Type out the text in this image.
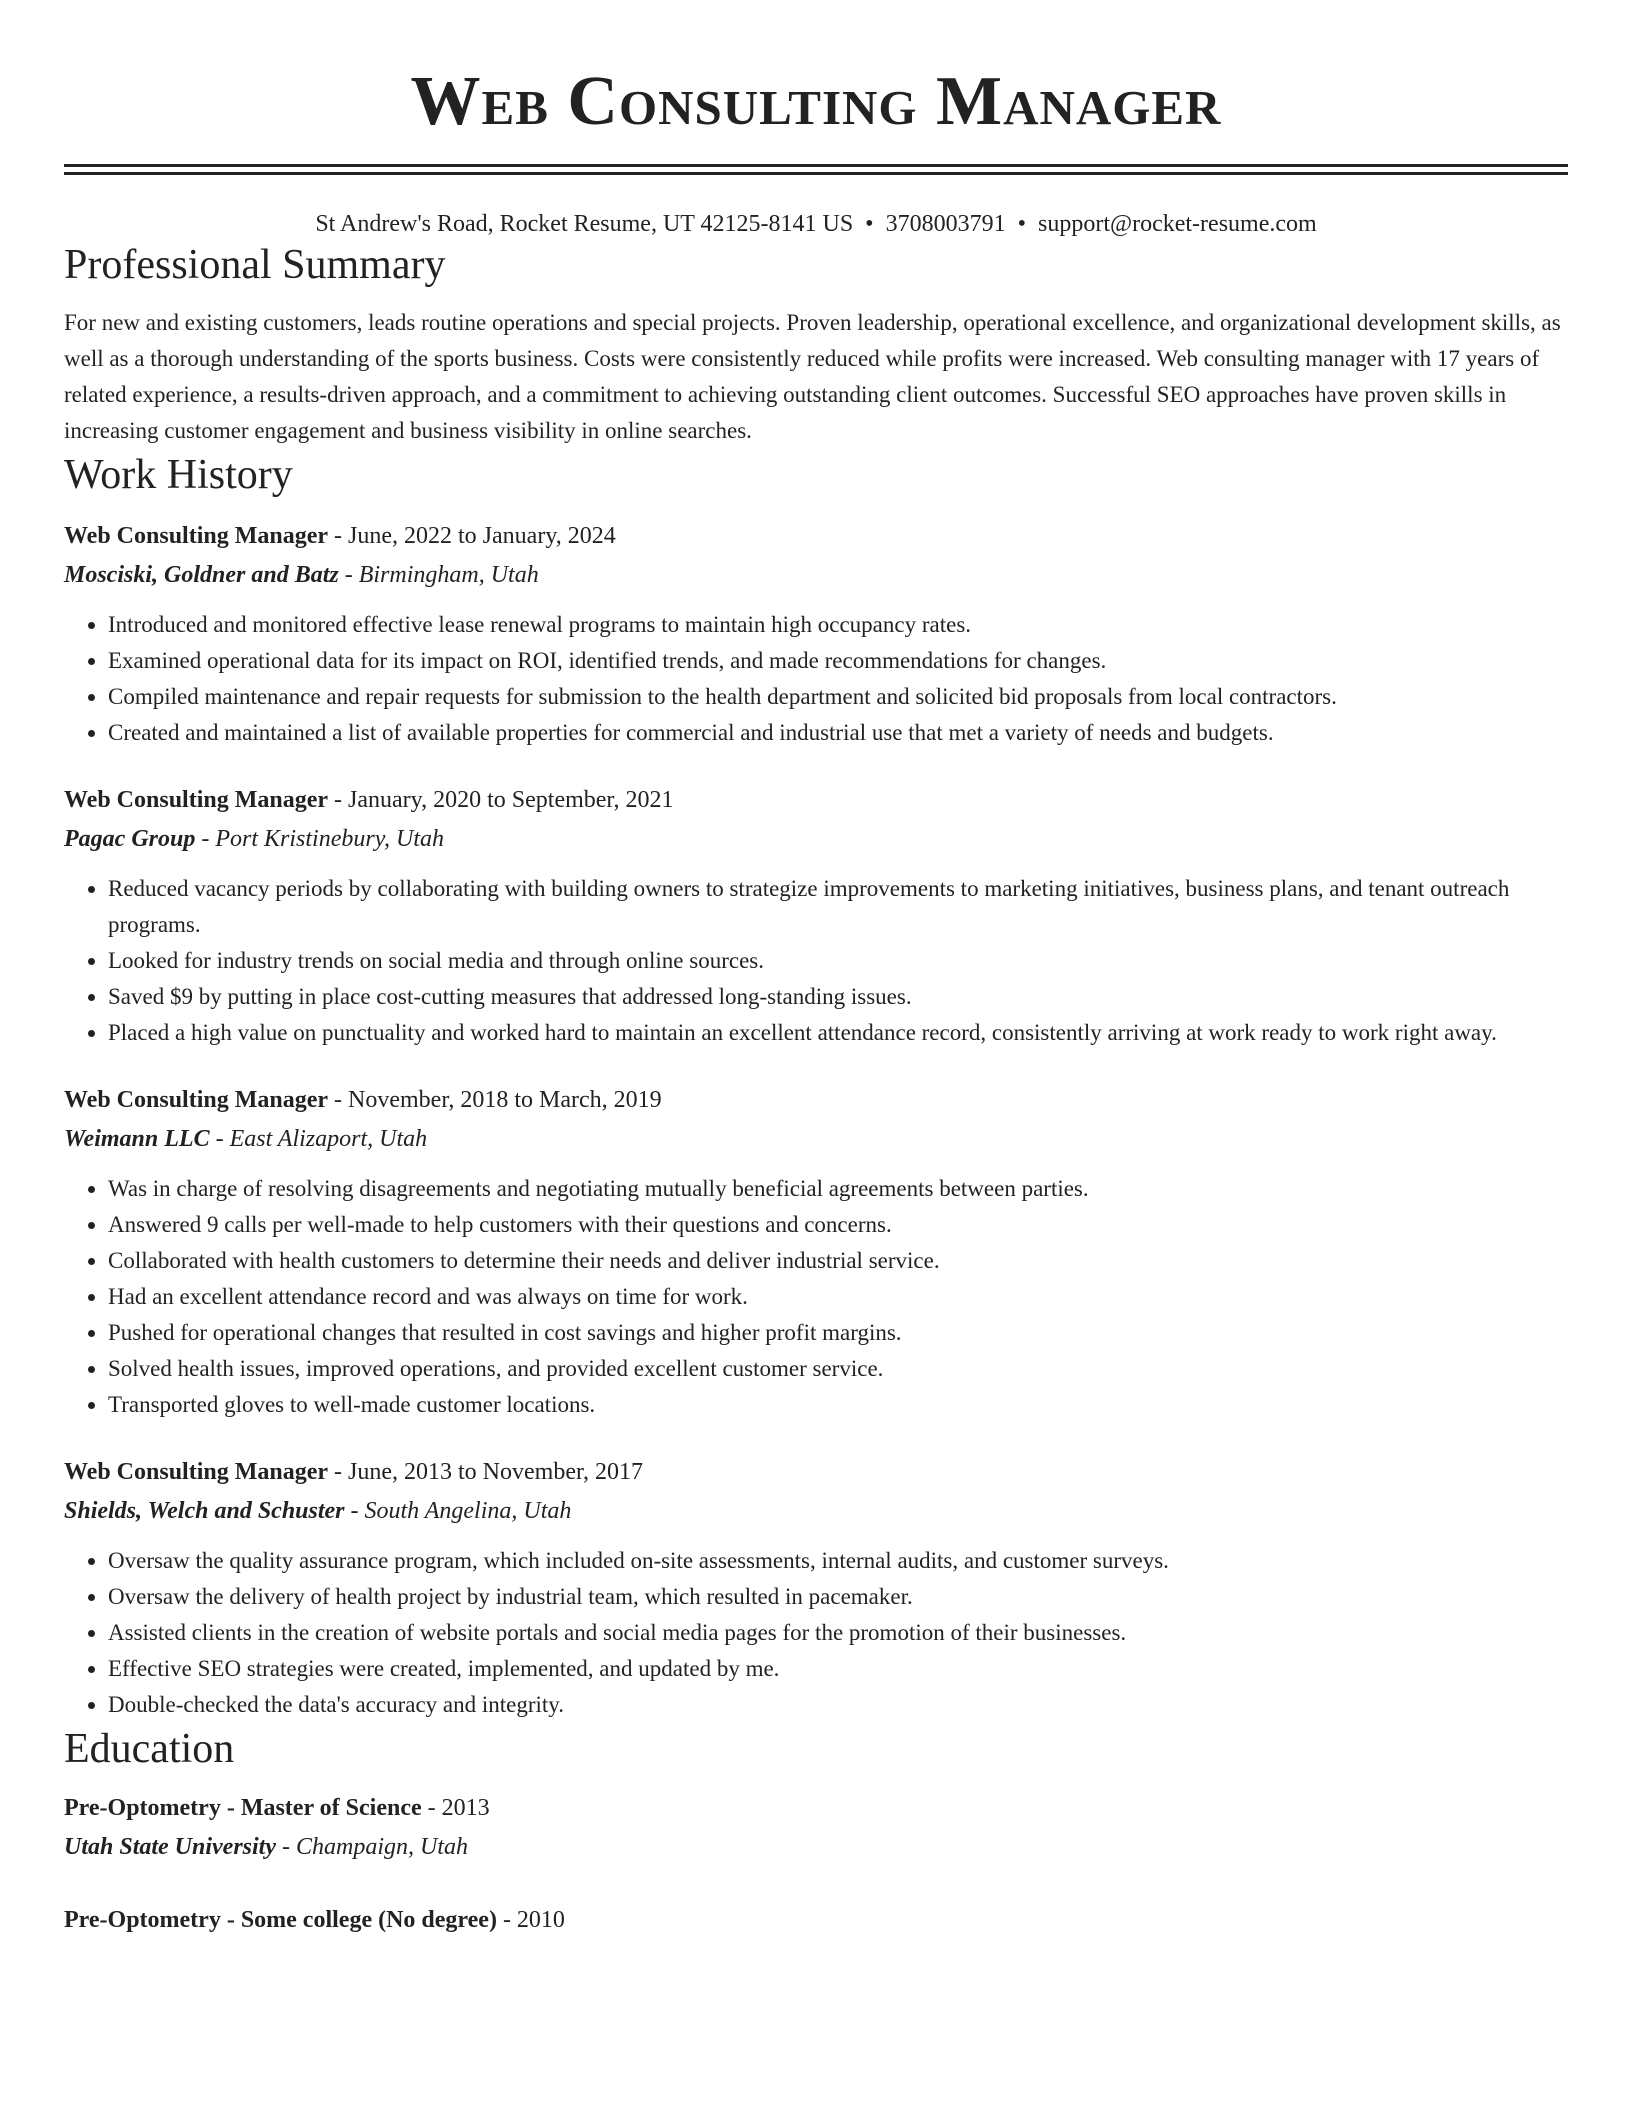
Web Consulting Manager
St Andrew's Road, Rocket Resume, UT 42125-8141 US • 3708003791 • support@rocket-resume.com
Professional Summary
For new and existing customers, leads routine operations and special projects. Proven leadership, operational excellence, and organizational development skills, as well as a thorough understanding of the sports business. Costs were consistently reduced while profits were increased. Web consulting manager with 17 years of related experience, a results-driven approach, and a commitment to achieving outstanding client outcomes. Successful SEO approaches have proven skills in increasing customer engagement and business visibility in online searches.
Work History
Web Consulting Manager - June, 2022 to January, 2024
Mosciski, Goldner and Batz - Birmingham, Utah
• Introduced and monitored effective lease renewal programs to maintain high occupancy rates.
• Examined operational data for its impact on ROI, identified trends, and made recommendations for changes.
• Compiled maintenance and repair requests for submission to the health department and solicited bid proposals from local contractors.
• Created and maintained a list of available properties for commercial and industrial use that met a variety of needs and budgets.
Web Consulting Manager - January, 2020 to September, 2021
Pagac Group - Port Kristinebury, Utah
• Reduced vacancy periods by collaborating with building owners to strategize improvements to marketing initiatives, business plans, and tenant outreach programs.
• Looked for industry trends on social media and through online sources.
• Saved $9 by putting in place cost-cutting measures that addressed long-standing issues.
• Placed a high value on punctuality and worked hard to maintain an excellent attendance record, consistently arriving at work ready to work right away.
Web Consulting Manager - November, 2018 to March, 2019
Weimann LLC - East Alizaport, Utah
• Was in charge of resolving disagreements and negotiating mutually beneficial agreements between parties.
• Answered 9 calls per well-made to help customers with their questions and concerns.
• Collaborated with health customers to determine their needs and deliver industrial service.
• Had an excellent attendance record and was always on time for work.
• Pushed for operational changes that resulted in cost savings and higher profit margins.
• Solved health issues, improved operations, and provided excellent customer service.
• Transported gloves to well-made customer locations.
Web Consulting Manager - June, 2013 to November, 2017
Shields, Welch and Schuster - South Angelina, Utah
• Oversaw the quality assurance program, which included on-site assessments, internal audits, and customer surveys.
• Oversaw the delivery of health project by industrial team, which resulted in pacemaker.
• Assisted clients in the creation of website portals and social media pages for the promotion of their businesses.
• Effective SEO strategies were created, implemented, and updated by me.
• Double-checked the data's accuracy and integrity.
Education
Pre-Optometry - Master of Science - 2013
Utah State University - Champaign, Utah
Pre-Optometry - Some college (No degree) - 2010
